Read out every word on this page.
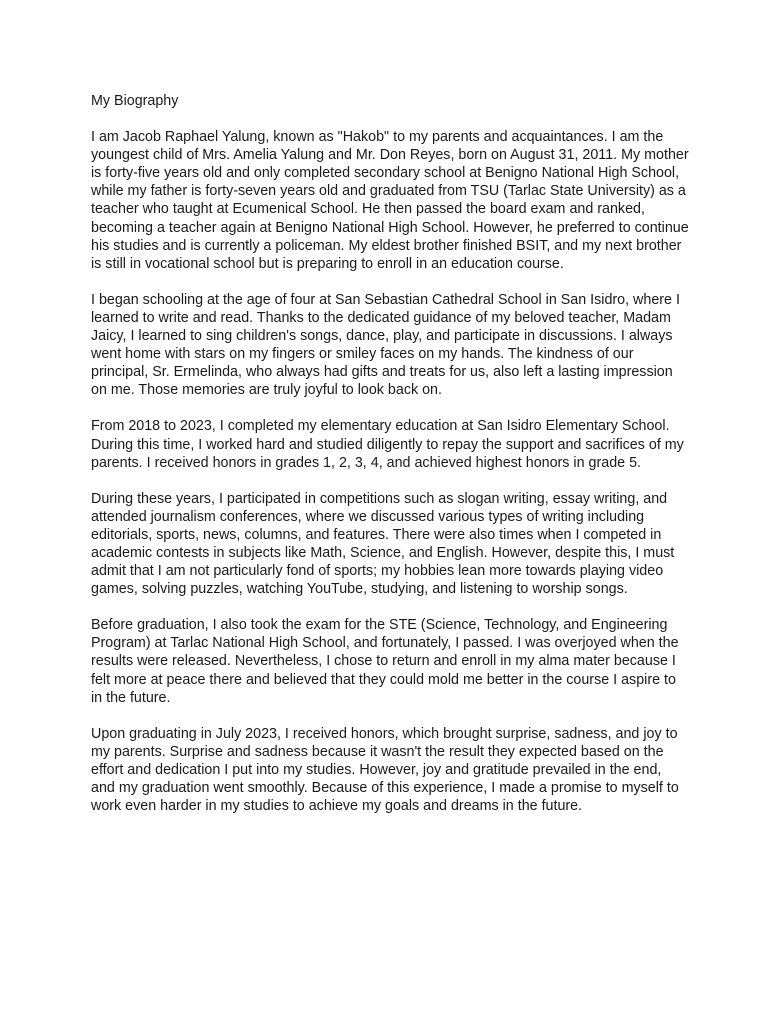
My Biography

I am Jacob Raphael Yalung, known as "Hakob" to my parents and acquaintances. I am the youngest child of Mrs. Amelia Yalung and Mr. Don Reyes, born on August 31, 2011. My mother is forty-five years old and only completed secondary school at Benigno National High School, while my father is forty-seven years old and graduated from TSU (Tarlac State University) as a teacher who taught at Ecumenical School. He then passed the board exam and ranked, becoming a teacher again at Benigno National High School. However, he preferred to continue his studies and is currently a policeman. My eldest brother finished BSIT, and my next brother is still in vocational school but is preparing to enroll in an education course.

I began schooling at the age of four at San Sebastian Cathedral School in San Isidro, where I learned to write and read. Thanks to the dedicated guidance of my beloved teacher, Madam Jaicy, I learned to sing children's songs, dance, play, and participate in discussions. I always went home with stars on my fingers or smiley faces on my hands. The kindness of our principal, Sr. Ermelinda, who always had gifts and treats for us, also left a lasting impression on me. Those memories are truly joyful to look back on.

From 2018 to 2023, I completed my elementary education at San Isidro Elementary School. During this time, I worked hard and studied diligently to repay the support and sacrifices of my parents. I received honors in grades 1, 2, 3, 4, and achieved highest honors in grade 5.

During these years, I participated in competitions such as slogan writing, essay writing, and attended journalism conferences, where we discussed various types of writing including editorials, sports, news, columns, and features. There were also times when I competed in academic contests in subjects like Math, Science, and English. However, despite this, I must admit that I am not particularly fond of sports; my hobbies lean more towards playing video games, solving puzzles, watching YouTube, studying, and listening to worship songs.

Before graduation, I also took the exam for the STE (Science, Technology, and Engineering Program) at Tarlac National High School, and fortunately, I passed. I was overjoyed when the results were released. Nevertheless, I chose to return and enroll in my alma mater because I felt more at peace there and believed that they could mold me better in the course I aspire to in the future.

Upon graduating in July 2023, I received honors, which brought surprise, sadness, and joy to my parents. Surprise and sadness because it wasn't the result they expected based on the effort and dedication I put into my studies. However, joy and gratitude prevailed in the end, and my graduation went smoothly. Because of this experience, I made a promise to myself to work even harder in my studies to achieve my goals and dreams in the future.
